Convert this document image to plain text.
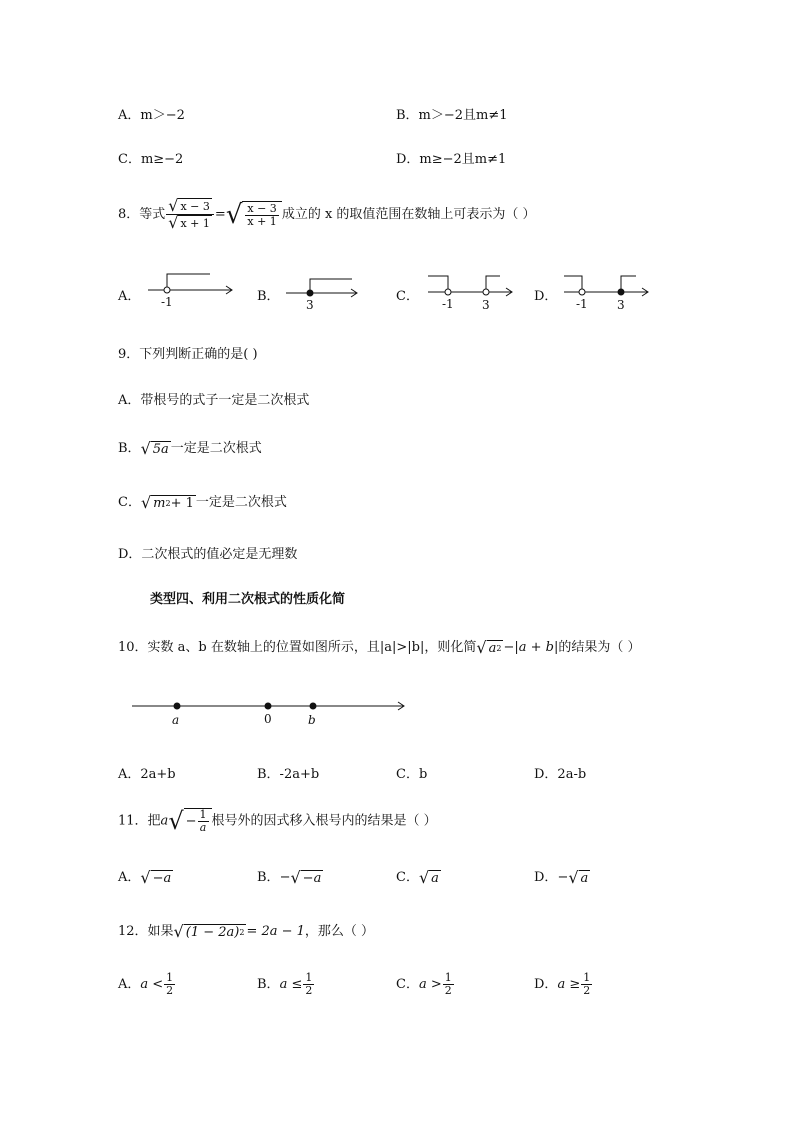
A．m＞−2	B．m＞−2且m≠1
C．m≥−2	D．m≥−2且m≠1
8．等式 $\frac{√ x - 3}{√ x + 1}$ = √ $\frac{x - 3}{x + 1}$ 成立的 x 的取值范围在数轴上可表示为（ ）
A．	B．	C．	D．
-1	3	-1 3	-1 3
9．下列判断正确的是( )
A．带根号的式子一定是二次根式
B． √ 5a 一定是二次根式
C． √ m 2 + 1 一定是二次根式
D．二次根式的值必定是无理数
类型四、利用二次根式的性质化简
10．实数 a、b 在数轴上的位置如图所示，且|a|>|b|，则化简 √ a 2 −|a + b|的结果为（ ）
a	0	b
A．2a+b	B．-2a+b	C．b	D．2a-b
11．把a √ − $\frac{1}{a}$ 根号外的因式移入根号内的结果是（ ）
A． √ −a	B．− √ −a	C． √ a	D．− √ a
12．如果 √ (1 − 2a) 2 = 2a − 1，那么（ ）
A．$a < \frac{1}{2}$	B．$a \le \frac{1}{2}$	C．$a > \frac{1}{2}$	D．$a \ge \frac{1}{2}$
